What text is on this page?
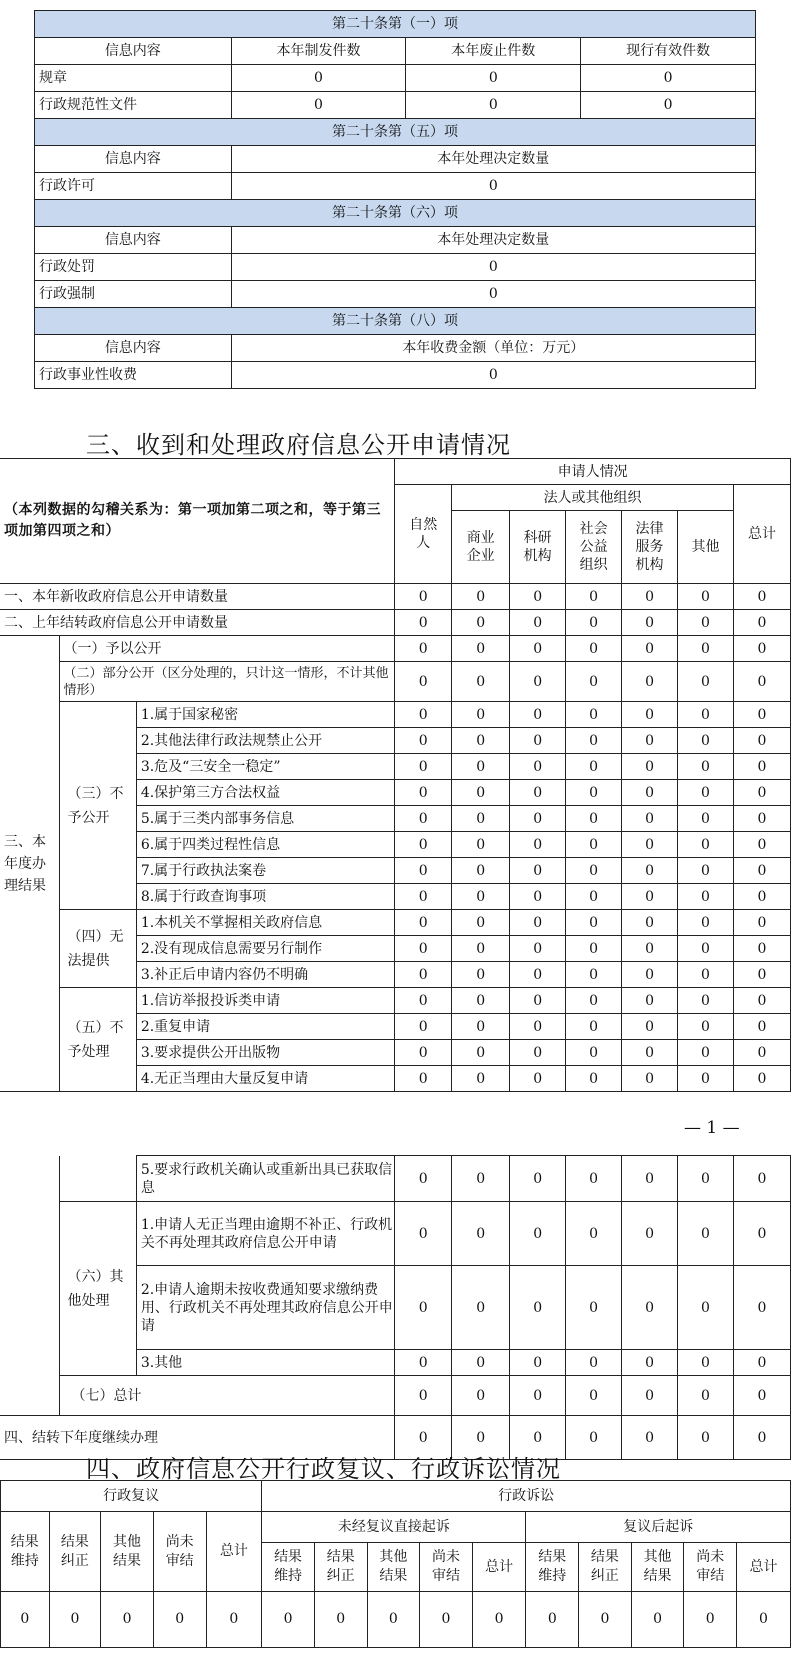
第二十条第（一）项			
信息内容	本年制发件数	本年废止件数	现行有效件数
规章	0	0	0
行政规范性文件	0	0	0
第二十条第（五）项			
信息内容	本年处理决定数量		
行政许可	0		
第二十条第（六）项			
信息内容	本年处理决定数量		
行政处罚	0		
行政强制	0		
第二十条第（八）项			
信息内容	本年收费金额（单位：万元）		
行政事业性收费	0		
三、收到和处理政府信息公开申请情况
（本列数据的勾稽关系为：第一项加第二项之和，等于第三项加第四项之和）			申请人情况						
			自然人	法人或其他组织					总计
				商业企业	科研机构	社会公益组织	法律服务机构	其他	

一、本年新收政府信息公开申请数量			0	0	0	0	0	0	0
二、上年结转政府信息公开申请数量			0	0	0	0	0	0	0
三、本年度办理结果	（一）予以公开		0	0	0	0	0	0	0
	（二）部分公开（区分处理的，只计这一情形，不计其他情形）		0	0	0	0	0	0	0
	（三）不予公开	1.属于国家秘密	0	0	0	0	0	0	0
		2.其他法律行政法规禁止公开	0	0	0	0	0	0	0
		3.危及“三安全一稳定”	0	0	0	0	0	0	0
		4.保护第三方合法权益	0	0	0	0	0	0	0
		5.属于三类内部事务信息	0	0	0	0	0	0	0
		6.属于四类过程性信息	0	0	0	0	0	0	0
		7.属于行政执法案卷	0	0	0	0	0	0	0
		8.属于行政查询事项	0	0	0	0	0	0	0
	（四）无法提供	1.本机关不掌握相关政府信息	0	0	0	0	0	0	0
		2.没有现成信息需要另行制作	0	0	0	0	0	0	0
		3.补正后申请内容仍不明确	0	0	0	0	0	0	0
	（五）不予处理	1.信访举报投诉类申请	0	0	0	0	0	0	0
		2.重复申请	0	0	0	0	0	0	0
		3.要求提供公开出版物	0	0	0	0	0	0	0
		4.无正当理由大量反复申请	0	0	0	0	0	0	0
— 1 —
		5.要求行政机关确认或重新出具已获取信息	0	0	0	0	0	0	0
	（六）其他处理	1.申请人无正当理由逾期不补正、行政机关不再处理其政府信息公开申请	0	0	0	0	0	0	0
		2.申请人逾期未按收费通知要求缴纳费用、行政机关不再处理其政府信息公开申请	0	0	0	0	0	0	0
		3.其他	0	0	0	0	0	0	0
	（七）总计		0	0	0	0	0	0	0
四、结转下年度继续办理			0	0	0	0	0	0	0
四、政府信息公开行政复议、行政诉讼情况
行政复议					行政诉讼									
结果维持	结果纠正	其他结果	尚未审结	总计	未经复议直接起诉					复议后起诉				
					结果维持	结果纠正	其他结果	尚未审结	总计	结果维持	结果纠正	其他结果	尚未审结	总计
0	0	0	0	0	0	0	0	0	0	0	0	0	0	0
